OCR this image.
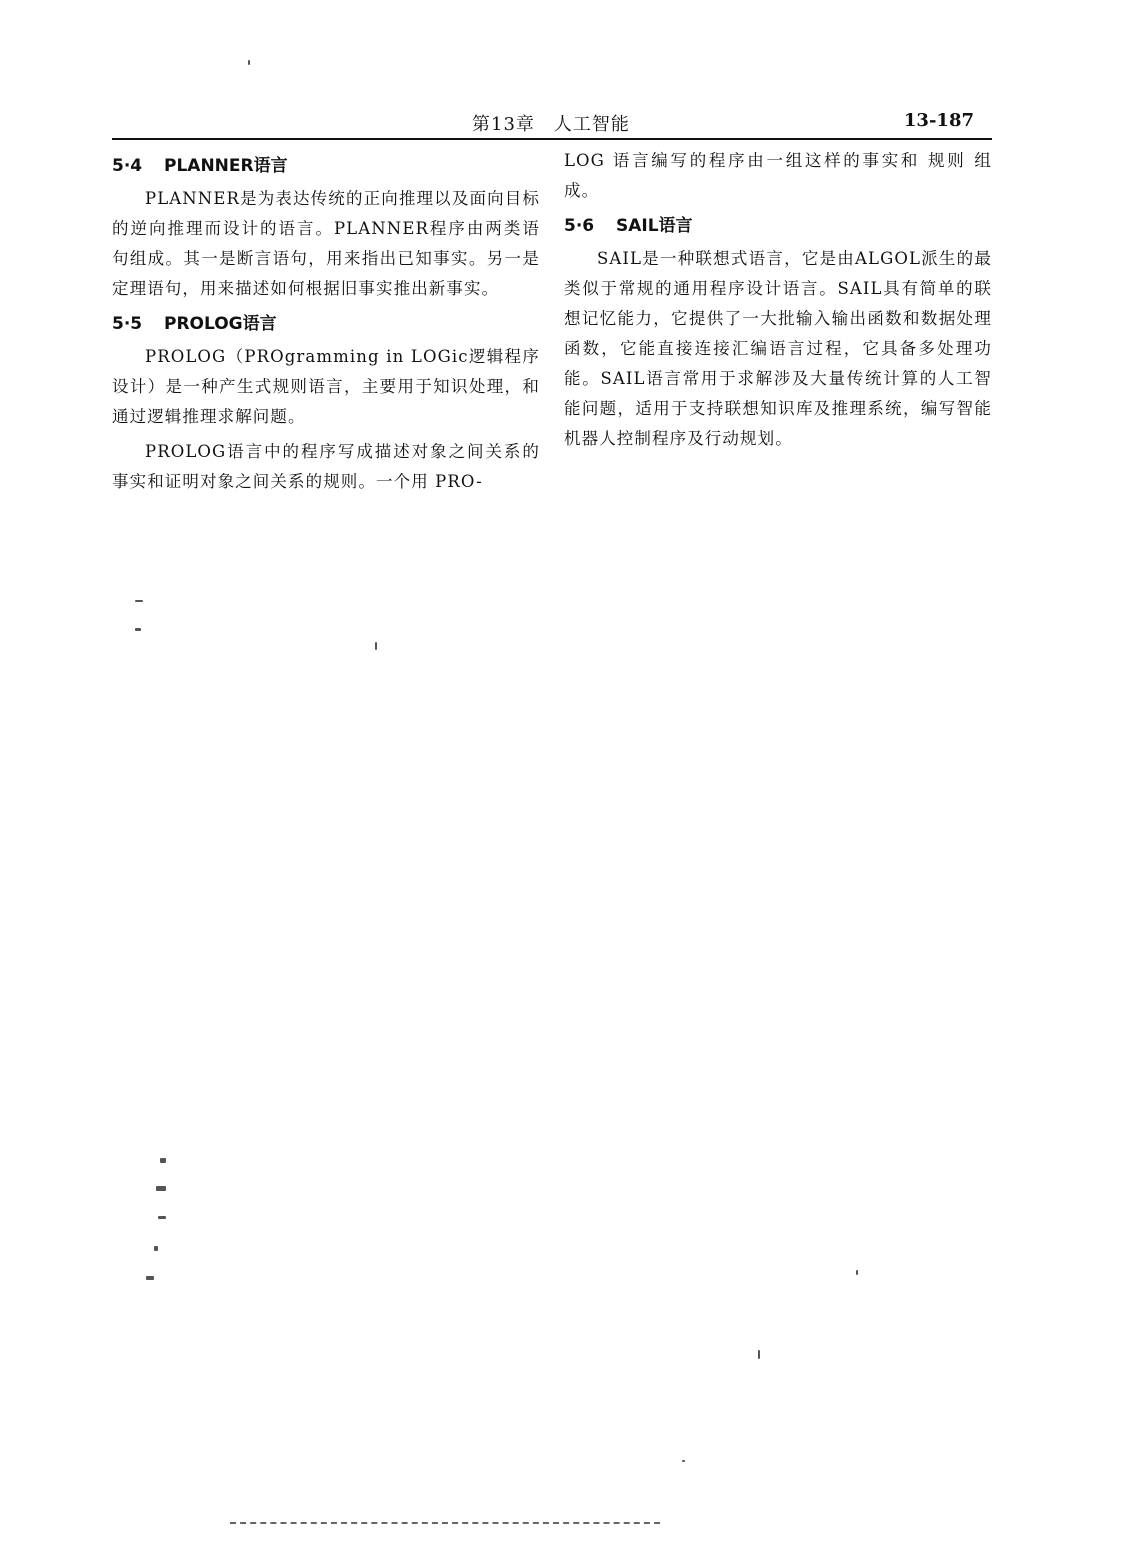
第13章　人工智能	13-187
5·4 PLANNER语言

PLANNER是为表达传统的正向推理以及面向目标的逆向推理而设计的语言。PLANNER程序由两类语句组成。其一是断言语句，用来指出已知事实。另一是定理语句，用来描述如何根据旧事实推出新事实。

5·5 PROLOG语言

PROLOG（PROgramming in LOGic逻辑程序设计）是一种产生式规则语言，主要用于知识处理，和通过逻辑推理求解问题。

PROLOG语言中的程序写成描述对象之间关系的事实和证明对象之间关系的规则。一个用 PRO-

LOG 语言编写的程序由一组这样的事实和 规则 组成。

5·6 SAIL语言

SAIL是一种联想式语言，它是由ALGOL派生的最类似于常规的通用程序设计语言。SAIL具有简单的联想记忆能力，它提供了一大批输入输出函数和数据处理函数，它能直接连接汇编语言过程，它具备多处理功能。SAIL语言常用于求解涉及大量传统计算的人工智能问题，适用于支持联想知识库及推理系统，编写智能机器人控制程序及行动规划。
